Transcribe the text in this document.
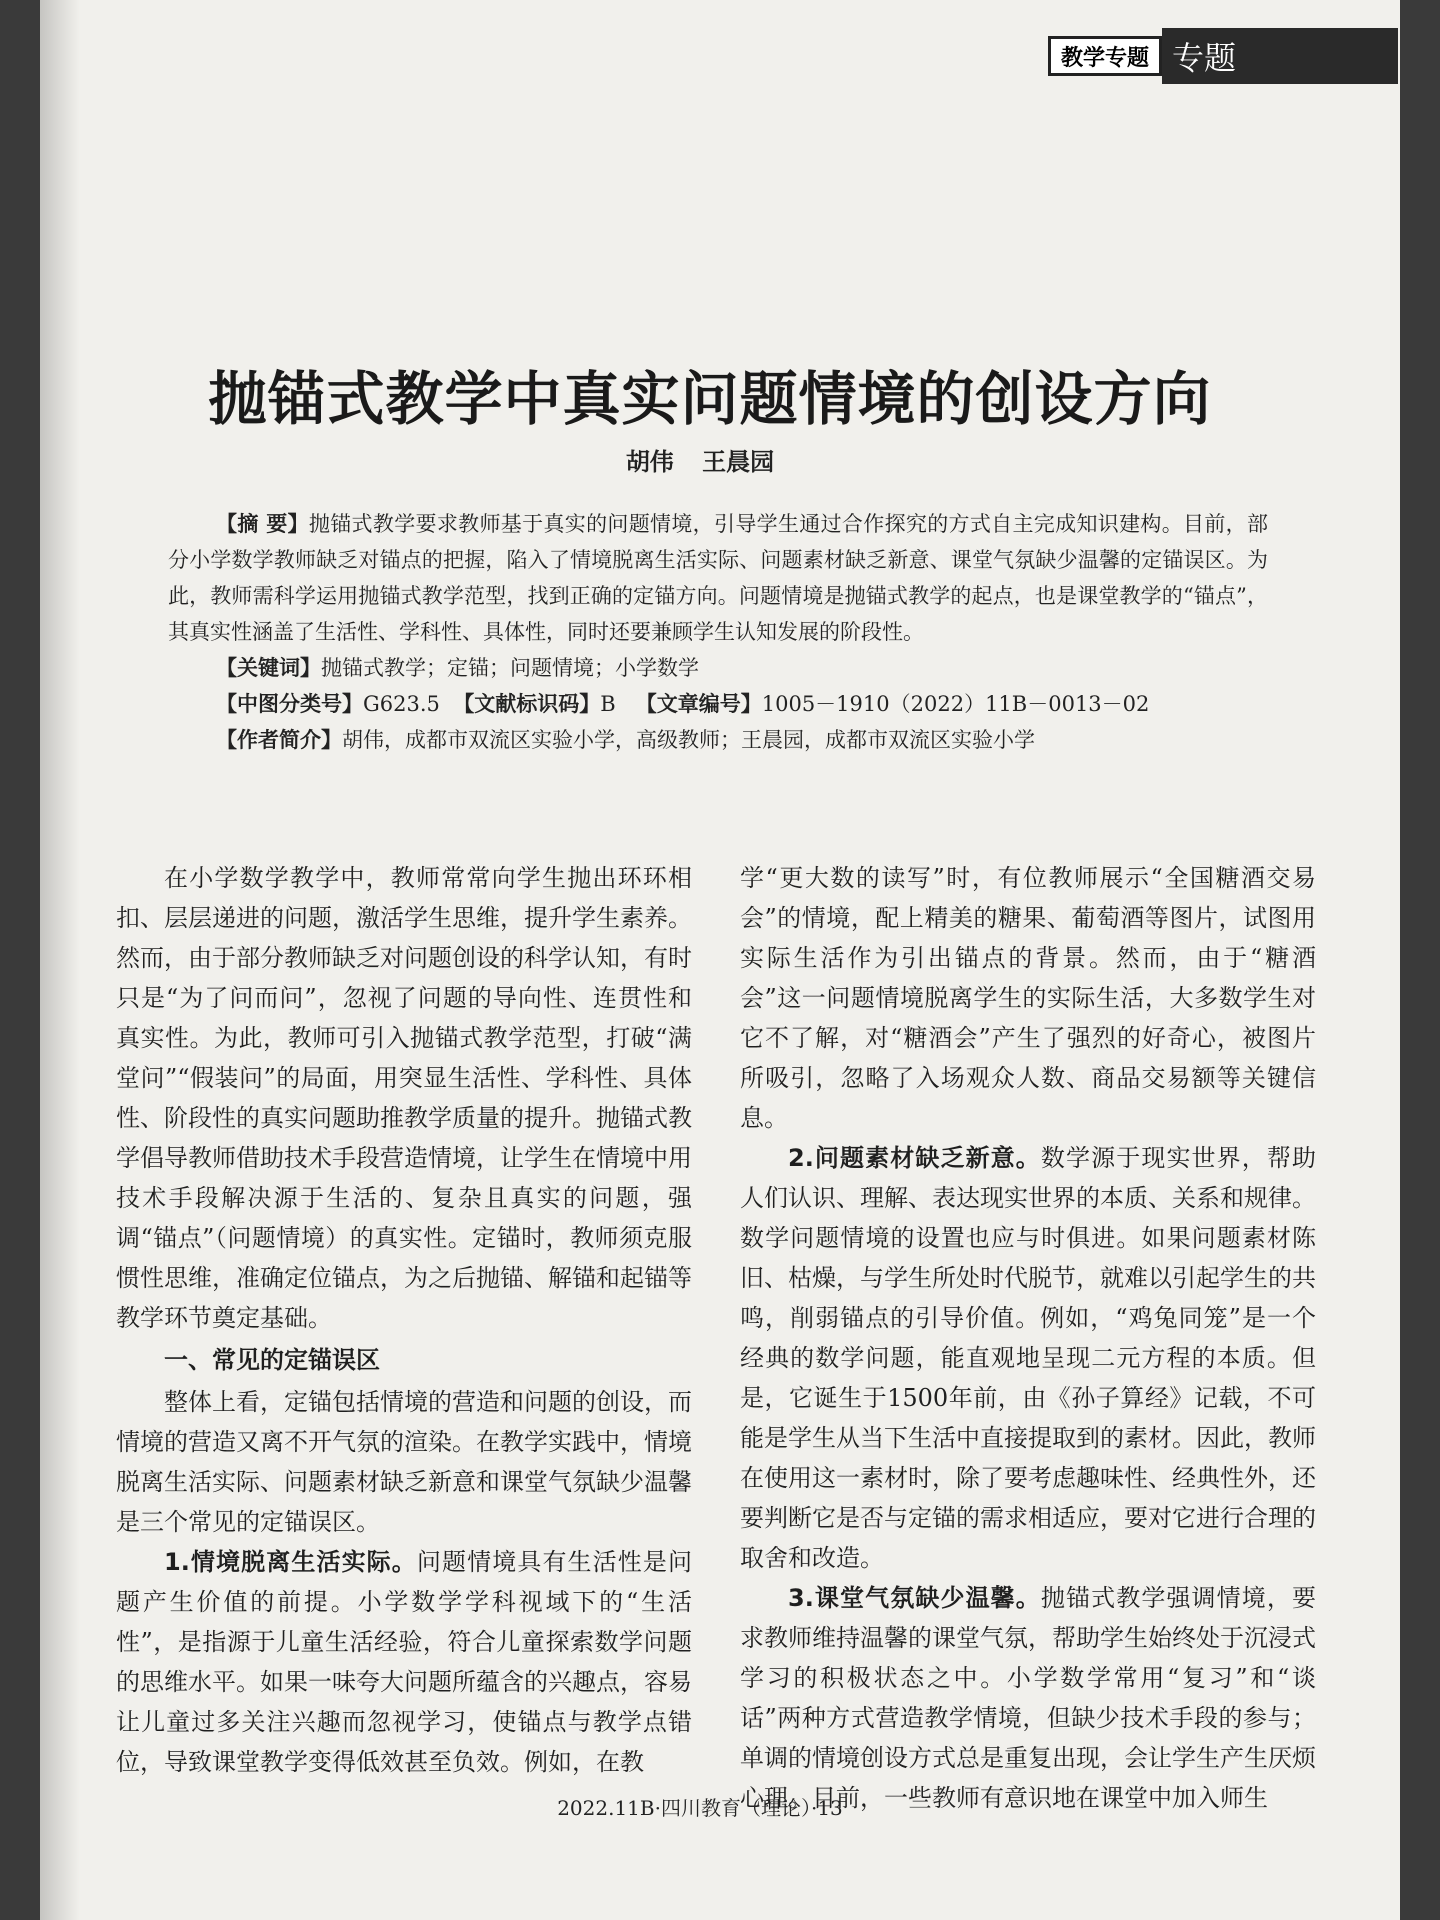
教学专题 专题
抛锚式教学中真实问题情境的创设方向
胡伟 王晨园

【摘 要】抛锚式教学要求教师基于真实的问题情境，引导学生通过合作探究的方式自主完成知识建构。目前，部分小学数学教师缺乏对锚点的把握，陷入了情境脱离生活实际、问题素材缺乏新意、课堂气氛缺少温馨的定锚误区。为此，教师需科学运用抛锚式教学范型，找到正确的定锚方向。问题情境是抛锚式教学的起点，也是课堂教学的“锚点”，其真实性涵盖了生活性、学科性、具体性，同时还要兼顾学生认知发展的阶段性。

【关键词】抛锚式教学；定锚；问题情境；小学数学

【中图分类号】G623.5 【文献标识码】B 【文章编号】1005－1910（2022）11B－0013－02

【作者简介】胡伟，成都市双流区实验小学，高级教师；王晨园，成都市双流区实验小学

在小学数学教学中，教师常常向学生抛出环环相扣、层层递进的问题，激活学生思维，提升学生素养。然而，由于部分教师缺乏对问题创设的科学认知，有时只是“为了问而问”，忽视了问题的导向性、连贯性和真实性。为此，教师可引入抛锚式教学范型，打破“满堂问”“假装问”的局面，用突显生活性、学科性、具体性、阶段性的真实问题助推教学质量的提升。抛锚式教学倡导教师借助技术手段营造情境，让学生在情境中用技术手段解决源于生活的、复杂且真实的问题，强调“锚点”（问题情境）的真实性。定锚时，教师须克服惯性思维，准确定位锚点，为之后抛锚、解锚和起锚等教学环节奠定基础。

一、常见的定锚误区

整体上看，定锚包括情境的营造和问题的创设，而情境的营造又离不开气氛的渲染。在教学实践中，情境脱离生活实际、问题素材缺乏新意和课堂气氛缺少温馨是三个常见的定锚误区。

1.情境脱离生活实际。问题情境具有生活性是问题产生价值的前提。小学数学学科视域下的“生活性”，是指源于儿童生活经验，符合儿童探索数学问题的思维水平。如果一味夸大问题所蕴含的兴趣点，容易让儿童过多关注兴趣而忽视学习，使锚点与教学点错位，导致课堂教学变得低效甚至负效。例如，在教

学“更大数的读写”时，有位教师展示“全国糖酒交易会”的情境，配上精美的糖果、葡萄酒等图片，试图用实际生活作为引出锚点的背景。然而，由于“糖酒会”这一问题情境脱离学生的实际生活，大多数学生对它不了解，对“糖酒会”产生了强烈的好奇心，被图片所吸引，忽略了入场观众人数、商品交易额等关键信息。

2.问题素材缺乏新意。数学源于现实世界，帮助人们认识、理解、表达现实世界的本质、关系和规律。数学问题情境的设置也应与时俱进。如果问题素材陈旧、枯燥，与学生所处时代脱节，就难以引起学生的共鸣，削弱锚点的引导价值。例如，“鸡兔同笼”是一个经典的数学问题，能直观地呈现二元方程的本质。但是，它诞生于1500年前，由《孙子算经》记载，不可能是学生从当下生活中直接提取到的素材。因此，教师在使用这一素材时，除了要考虑趣味性、经典性外，还要判断它是否与定锚的需求相适应，要对它进行合理的取舍和改造。

3.课堂气氛缺少温馨。抛锚式教学强调情境，要求教师维持温馨的课堂气氛，帮助学生始终处于沉浸式学习的积极状态之中。小学数学常用“复习”和“谈话”两种方式营造教学情境，但缺少技术手段的参与；单调的情境创设方式总是重复出现，会让学生产生厌烦心理。目前，一些教师有意识地在课堂中加入师生

2022.11B·四川教育（理论）·13
